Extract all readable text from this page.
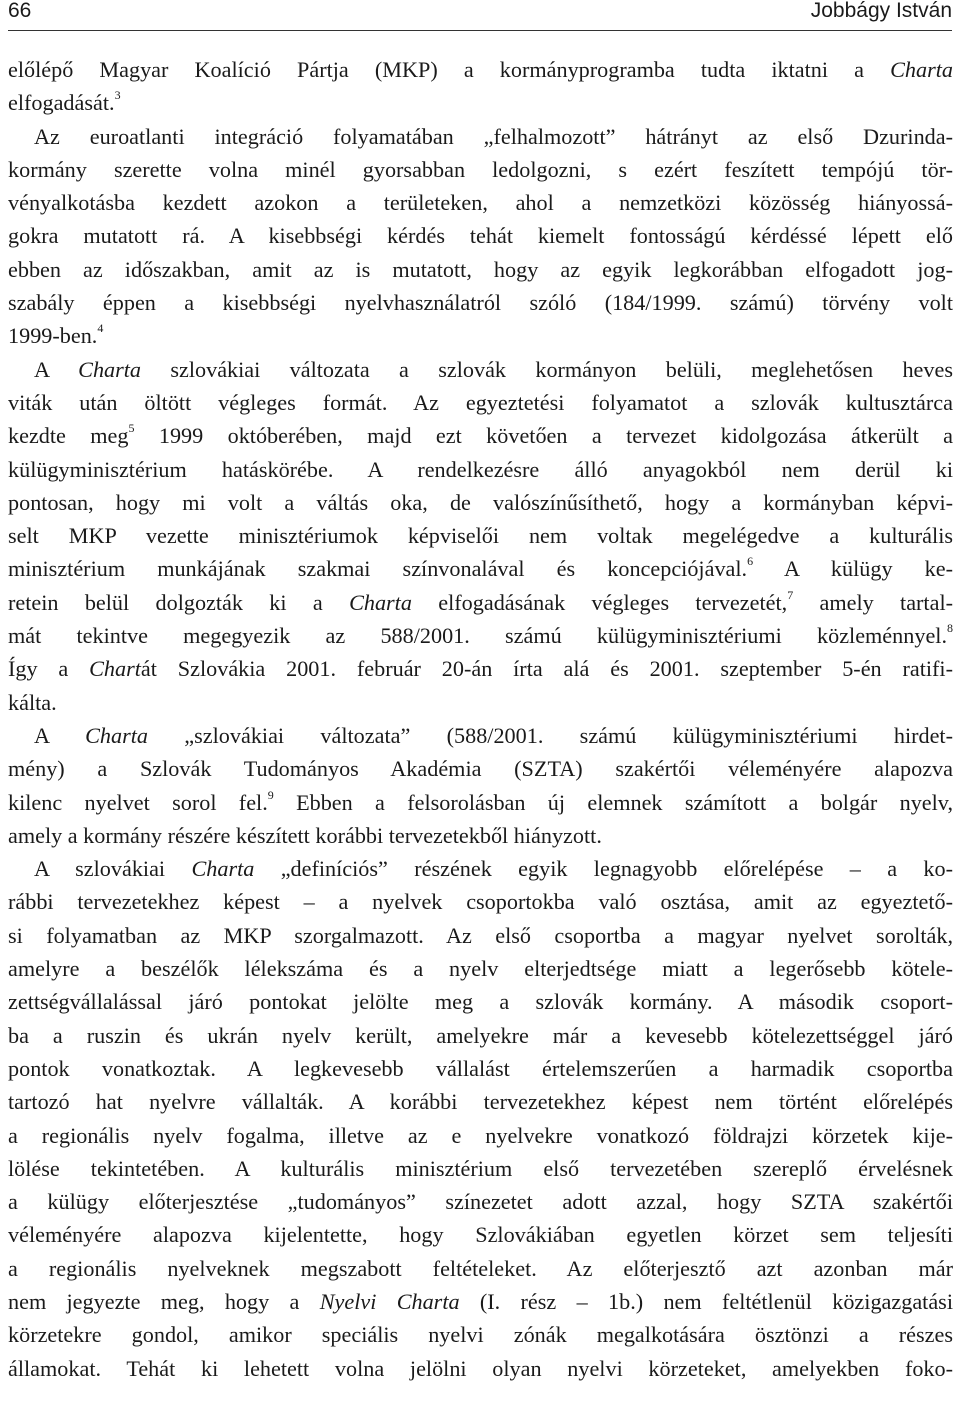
66	Jobbágy István
előlépő Magyar Koalíció Pártja (MKP) a kormányprogramba tudta iktatni a Charta
elfogadását.$^3$
Az euroatlanti integráció folyamatában „felhalmozott” hátrányt az első Dzurinda-
kormány szerette volna minél gyorsabban ledolgozni, s ezért feszített tempójú tör-
vényalkotásba kezdett azokon a területeken, ahol a nemzetközi közösség hiányossá-
gokra mutatott rá. A kisebbségi kérdés tehát kiemelt fontosságú kérdéssé lépett elő
ebben az időszakban, amit az is mutatott, hogy az egyik legkorábban elfogadott jog-
szabály éppen a kisebbségi nyelvhasználatról szóló (184/1999. számú) törvény volt
1999-ben.$^4$
A Charta szlovákiai változata a szlovák kormányon belüli, meglehetősen heves
viták után öltött végleges formát. Az egyeztetési folyamatot a szlovák kultusztárca
kezdte meg$^5$ 1999 októberében, majd ezt követően a tervezet kidolgozása átkerült a
külügyminisztérium hatáskörébe. A rendelkezésre álló anyagokból nem derül ki
pontosan, hogy mi volt a váltás oka, de valószínűsíthető, hogy a kormányban képvi-
selt MKP vezette minisztériumok képviselői nem voltak megelégedve a kulturális
minisztérium munkájának szakmai színvonalával és koncepciójával.$^6$ A külügy ke-
retein belül dolgozták ki a Charta elfogadásának végleges tervezetét,$^7$ amely tartal-
mát tekintve megegyezik az 588/2001. számú külügyminisztériumi közleménnyel.$^8$
Így a Chartát Szlovákia 2001. február 20-án írta alá és 2001. szeptember 5-én ratifi-
kálta.
A Charta „szlovákiai változata” (588/2001. számú külügyminisztériumi hirdet-
mény) a Szlovák Tudományos Akadémia (SZTA) szakértői véleményére alapozva
kilenc nyelvet sorol fel.$^9$ Ebben a felsorolásban új elemnek számított a bolgár nyelv,
amely a kormány részére készített korábbi tervezetekből hiányzott.
A szlovákiai Charta „definíciós” részének egyik legnagyobb előrelépése – a ko-
rábbi tervezetekhez képest – a nyelvek csoportokba való osztása, amit az egyeztető-
si folyamatban az MKP szorgalmazott. Az első csoportba a magyar nyelvet sorolták,
amelyre a beszélők lélekszáma és a nyelv elterjedtsége miatt a legerősebb kötele-
zettségvállalással járó pontokat jelölte meg a szlovák kormány. A második csoport-
ba a ruszin és ukrán nyelv került, amelyekre már a kevesebb kötelezettséggel járó
pontok vonatkoztak. A legkevesebb vállalást értelemszerűen a harmadik csoportba
tartozó hat nyelvre vállalták. A korábbi tervezetekhez képest nem történt előrelépés
a regionális nyelv fogalma, illetve az e nyelvekre vonatkozó földrajzi körzetek kije-
lölése tekintetében. A kulturális minisztérium első tervezetében szereplő érvelésnek
a külügy előterjesztése „tudományos” színezetet adott azzal, hogy SZTA szakértői
véleményére alapozva kijelentette, hogy Szlovákiában egyetlen körzet sem teljesíti
a regionális nyelveknek megszabott feltételeket. Az előterjesztő azt azonban már
nem jegyezte meg, hogy a Nyelvi Charta (I. rész – 1b.) nem feltétlenül közigazgatási
körzetekre gondol, amikor speciális nyelvi zónák megalkotására ösztönzi a részes
államokat. Tehát ki lehetett volna jelölni olyan nyelvi körzeteket, amelyekben foko-
